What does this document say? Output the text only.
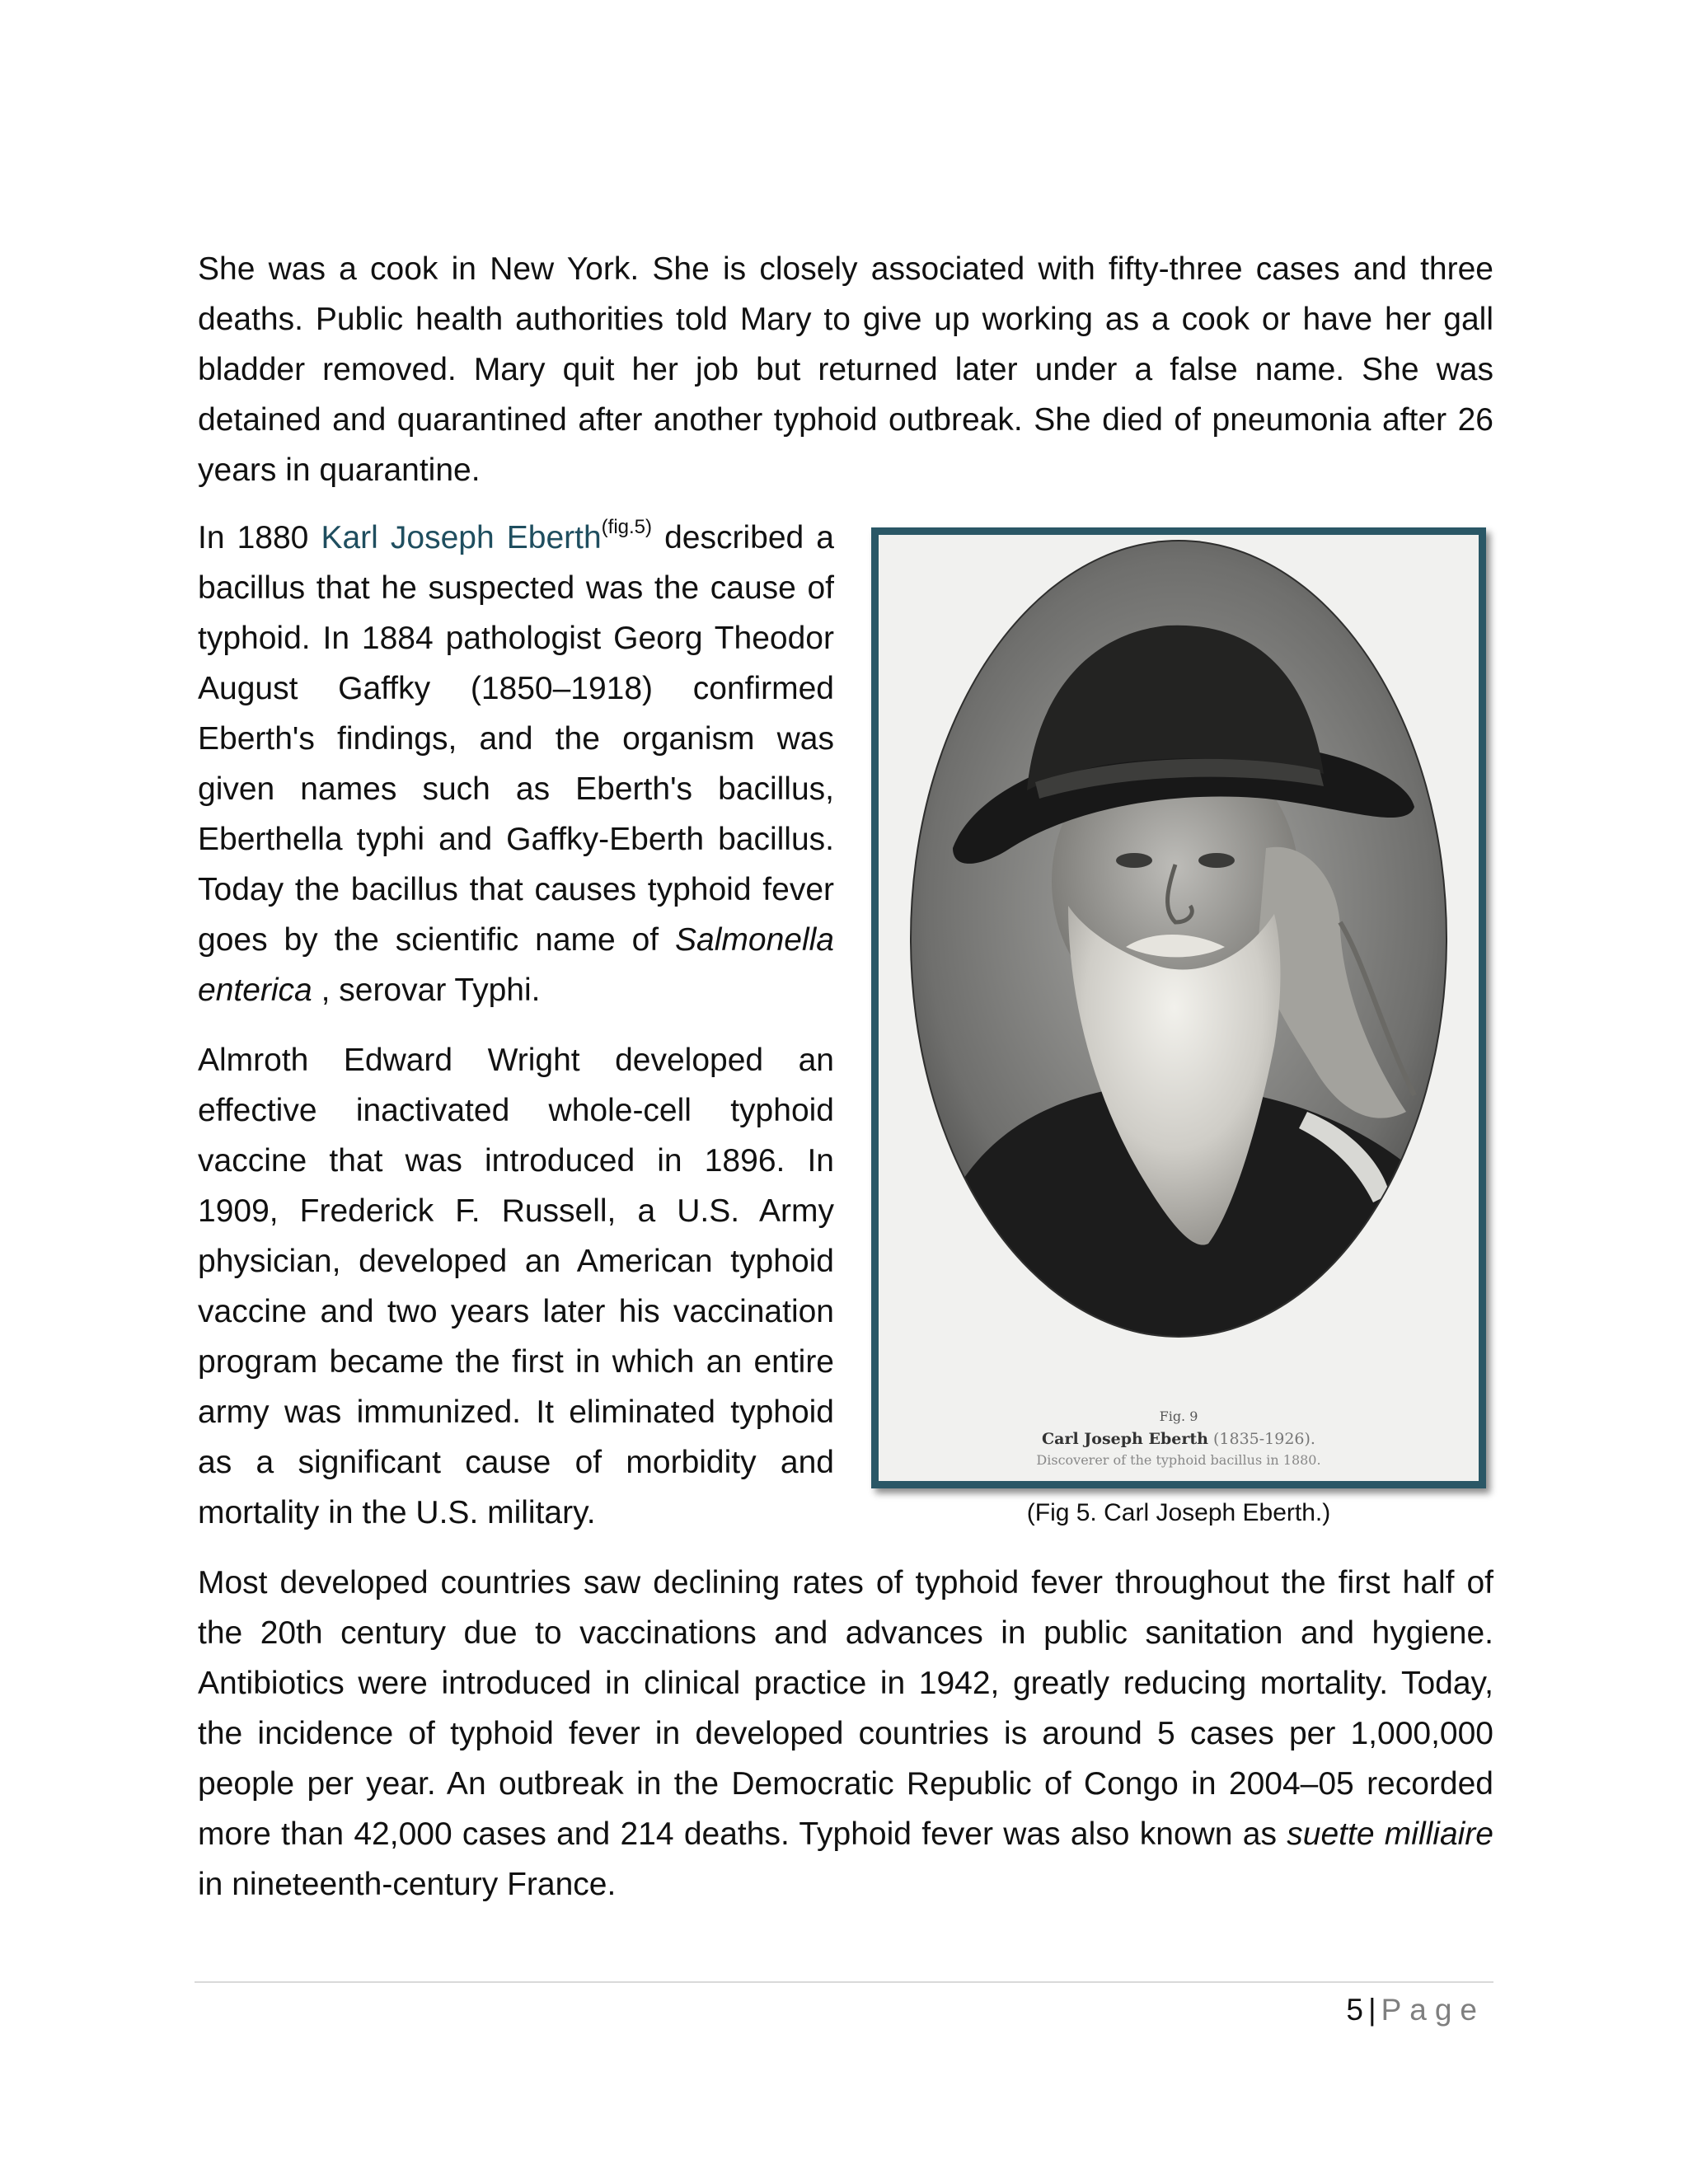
She was a cook in New York. She is closely associated with fifty-three cases and three deaths. Public health authorities told Mary to give up working as a cook or have her gall bladder removed. Mary quit her job but returned later under a false name. She was detained and quarantined after another typhoid outbreak. She died of pneumonia after 26 years in quarantine.

In 1880 Karl Joseph Eberth$^{(fig.5)}$ described a bacillus that he suspected was the cause of typhoid. In 1884 pathologist Georg Theodor August Gaffky (1850–1918) confirmed Eberth's findings, and the organism was given names such as Eberth's bacillus, Eberthella typhi and Gaffky-Eberth bacillus. Today the bacillus that causes typhoid fever goes by the scientific name of Salmonella enterica , serovar Typhi.

Almroth Edward Wright developed an effective inactivated whole-cell typhoid vaccine that was introduced in 1896. In 1909, Frederick F. Russell, a U.S. Army physician, developed an American typhoid vaccine and two years later his vaccination program became the first in which an entire army was immunized. It eliminated typhoid as a significant cause of morbidity and mortality in the U.S. military.

Fig. 9
Carl Joseph Eberth (1835-1926).
Discoverer of the typhoid bacillus in 1880.
(Fig 5. Carl Joseph Eberth.)

Most developed countries saw declining rates of typhoid fever throughout the first half of the 20th century due to vaccinations and advances in public sanitation and hygiene. Antibiotics were introduced in clinical practice in 1942, greatly reducing mortality. Today, the incidence of typhoid fever in developed countries is around 5 cases per 1,000,000 people per year. An outbreak in the Democratic Republic of Congo in 2004–05 recorded more than 42,000 cases and 214 deaths. Typhoid fever was also known as suette milliaire in nineteenth-century France.

5 | Page
